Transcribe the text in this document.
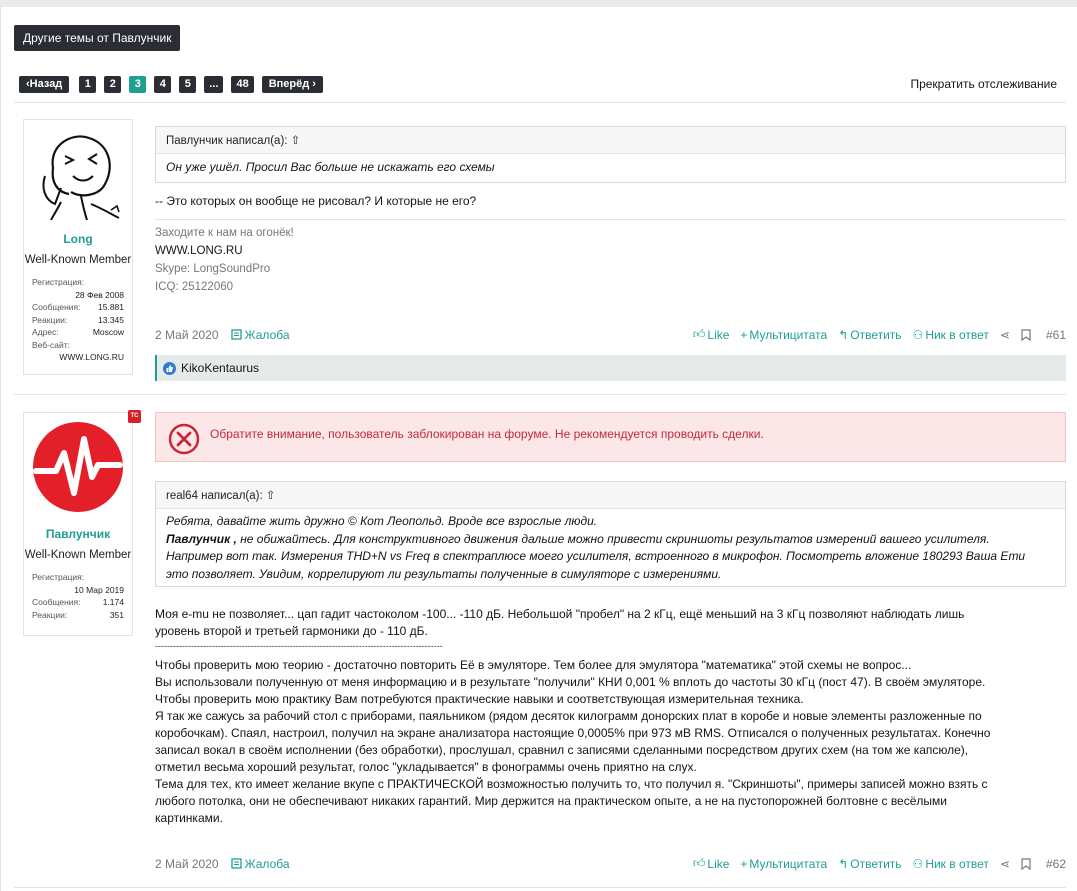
Другие темы от Павлунчик
‹Назад	1	2	3	4	5	...	48	Вперёд ›	Прекратить отслеживание
Long
Well-Known Member
Регистрация:
28 Фев 2008
Сообщения: 15.881
Реакции:	13.345
Адрес:	Moscow
Веб-сайт:
WWW.LONG.RU
Павлунчик написал(а): ⇧
Он уже ушёл. Просил Вас больше не искажать его схемы
-- Это которых он вообще не рисовал? И которые не его?
Заходите к нам на огонёк!
WWW.LONG.RU
Skype: LongSoundPro
ICQ: 25122060
2 Май 2020 Жалоба	👍︎ Like + Мультицитата ↰ Ответить ⚇ Ник в ответ ⋖	#61
KikoKentaurus
Павлунчик
Well-Known Member
Регистрация:
10 Мар 2019
Сообщения:	1.174
Реакции:	351
TC
Обратите внимание, пользователь заблокирован на форуме. Не рекомендуется проводить сделки.
real64 написал(а): ⇧
Ребята, давайте жить дружно © Кот Леопольд. Вроде все взрослые люди.
Павлунчик , не обижайтесь. Для конструктивного движения дальше можно привести скриншоты результатов измерений вашего усилителя.
Например вот так. Измерения THD+N vs Freq в спектраплюсе моего усилителя, встроенного в микрофон. Посмотреть вложение 180293 Ваша Emu
это позволяет. Увидим, коррелируют ли результаты полученные в симуляторе с измерениями.
Моя e-mu не позволяет... цап гадит частоколом -100... -110 дБ. Небольшой "пробел" на 2 кГц, ещё меньший на 3 кГц позволяют наблюдать лишь
уровень второй и третьей гармоники до - 110 дБ.
------------------------------------------------------------------------------------------------
Чтобы проверить мою теорию - достаточно повторить Её в эмуляторе. Тем более для эмулятора "математика" этой схемы не вопрос...
Вы использовали полученную от меня информацию и в результате "получили" КНИ 0,001 % вплоть до частоты 30 кГц (пост 47). В своём эмуляторе.
Чтобы проверить мою практику Вам потребуются практические навыки и соответствующая измерительная техника.
Я так же сажусь за рабочий стол с приборами, паяльником (рядом десяток килограмм донорских плат в коробе и новые элементы разложенные по
коробочкам). Спаял, настроил, получил на экране анализатора настоящие 0,0005% при 973 мВ RMS. Отписался о полученных результатах. Конечно
записал вокал в своём исполнении (без обработки), прослушал, сравнил с записями сделанными посредством других схем (на том же капсюле),
отметил весьма хороший результат, голос "укладывается" в фонограммы очень приятно на слух.
Тема для тех, кто имеет желание вкупе с ПРАКТИЧЕСКОЙ возможностью получить то, что получил я. "Скриншоты", примеры записей можно взять с
любого потолка, они не обеспечивают никаких гарантий. Мир держится на практическом опыте, а не на пустопорожней болтовне с весёлыми
картинками.
2 Май 2020 Жалоба	👍︎ Like + Мультицитата ↰ Ответить ⚇ Ник в ответ ⋖	#62
